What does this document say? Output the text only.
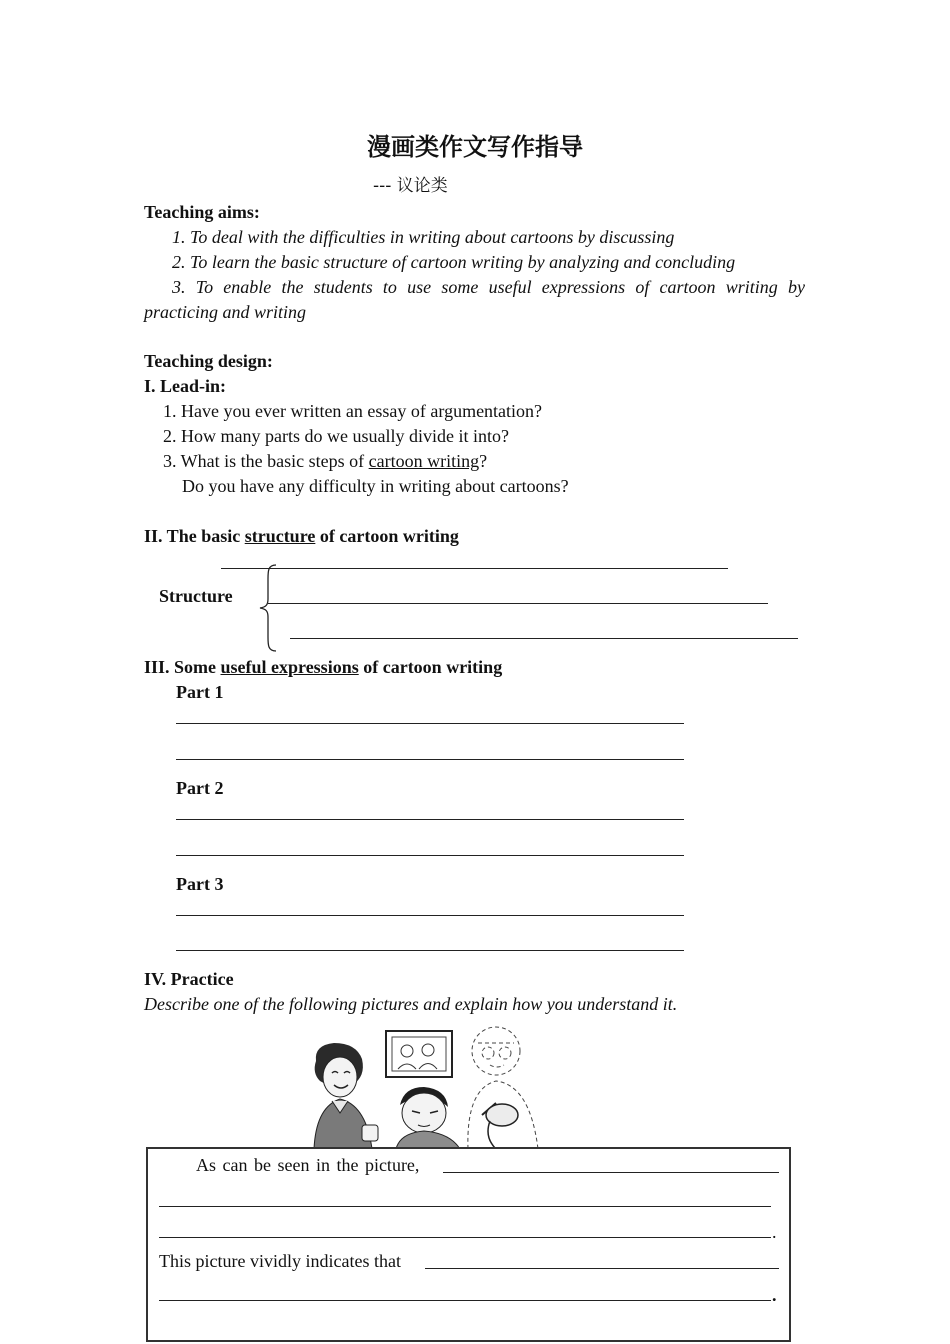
漫画类作文写作指导
--- 议论类
Teaching aims:
1. To deal with the difficulties in writing about cartoons by discussing
2. To learn the basic structure of cartoon writing by analyzing and concluding
3. To enable the students to use some useful expressions of cartoon writing by
practicing and writing
Teaching design:
I. Lead-in:
1. Have you ever written an essay of argumentation?
2. How many parts do we usually divide it into?
3. What is the basic steps of cartoon writing?
Do you have any difficulty in writing about cartoons?
II. The basic structure of cartoon writing
Structure
III. Some useful expressions of cartoon writing
Part 1
Part 2
Part 3
IV. Practice
Describe one of the following pictures and explain how you understand it.
As can be seen in the picture,
.
This picture vividly indicates that
.
